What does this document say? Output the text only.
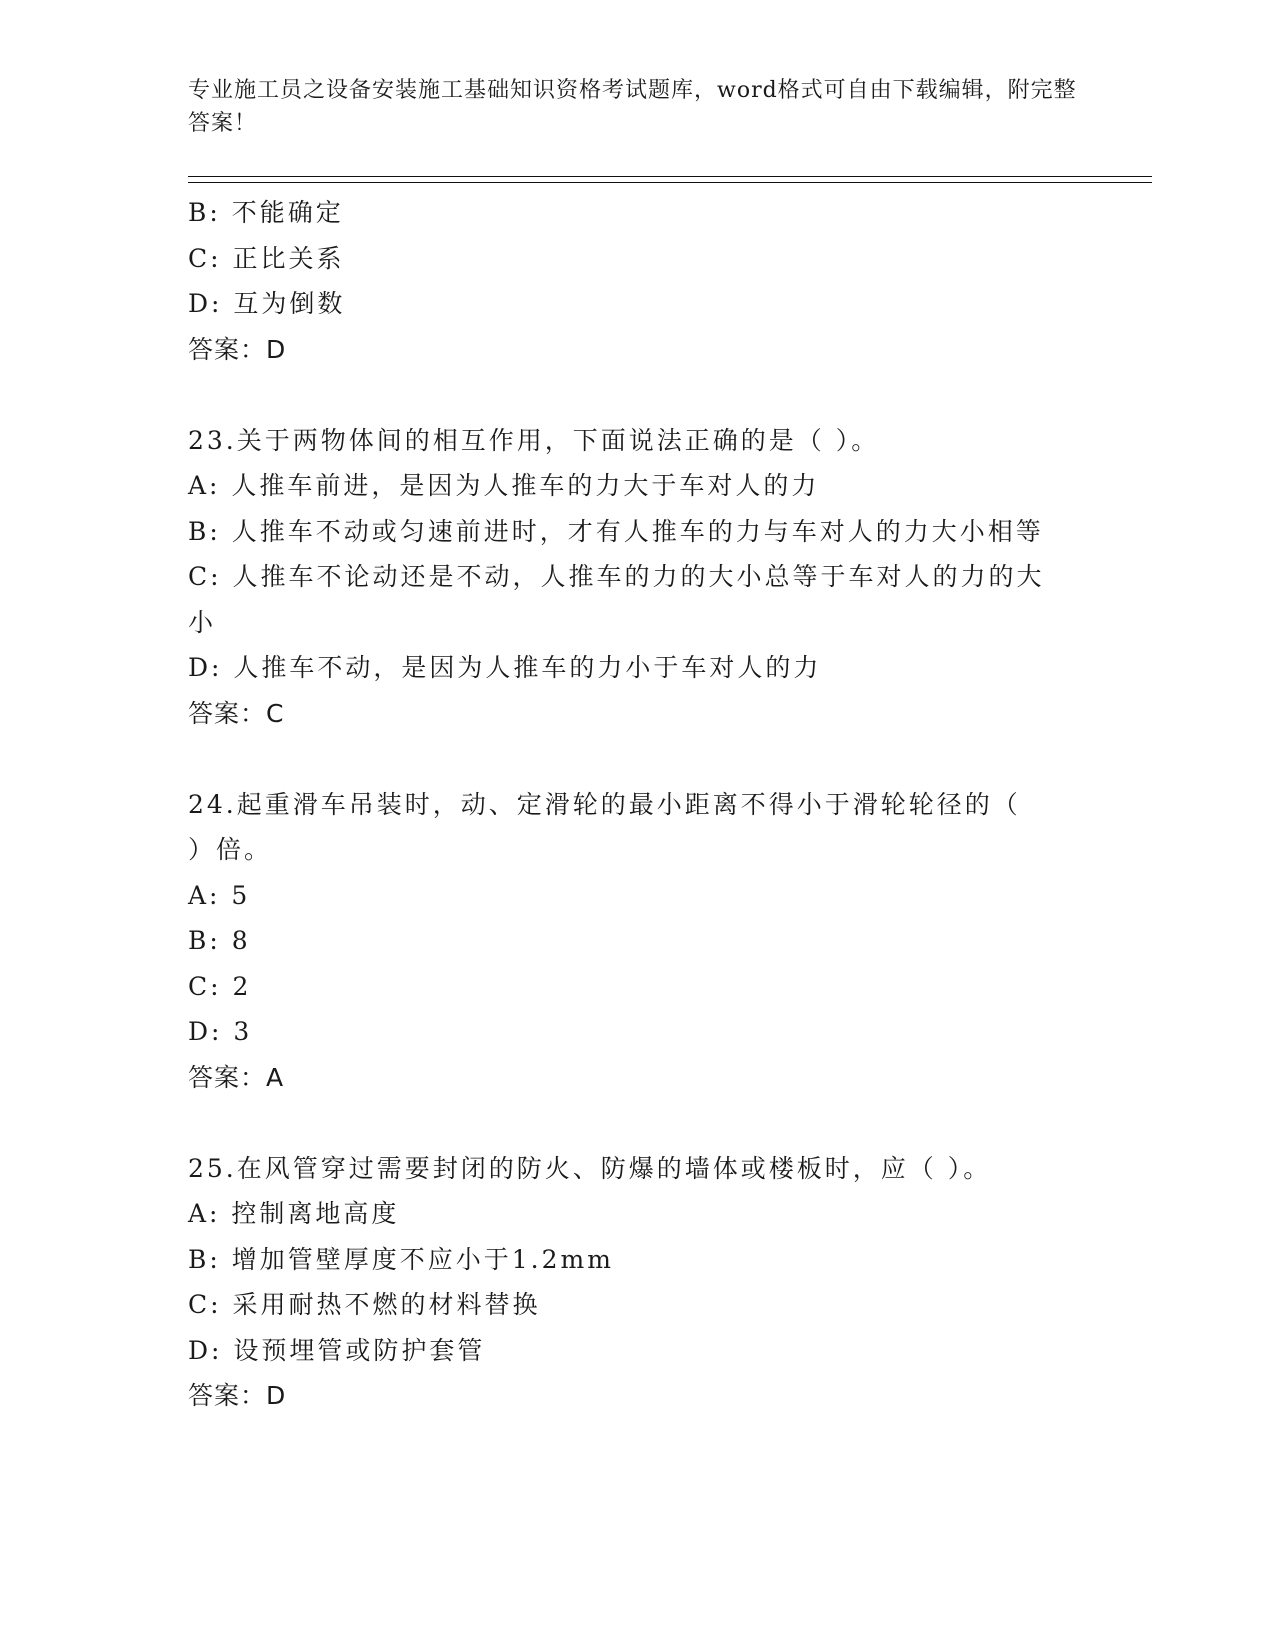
专业施工员之设备安装施工基础知识资格考试题库，word格式可自由下载编辑，附完整答案！
B: 不能确定
C: 正比关系
D: 互为倒数
答案：D
23.关于两物体间的相互作用，下面说法正确的是（ ）。
A: 人推车前进，是因为人推车的力大于车对人的力
B: 人推车不动或匀速前进时，才有人推车的力与车对人的力大小相等
C: 人推车不论动还是不动，人推车的力的大小总等于车对人的力的大小
D: 人推车不动，是因为人推车的力小于车对人的力
答案：C
24.起重滑车吊装时，动、定滑轮的最小距离不得小于滑轮轮径的（ ）倍。
A: 5
B: 8
C: 2
D: 3
答案：A
25.在风管穿过需要封闭的防火、防爆的墙体或楼板时，应（ ）。
A: 控制离地高度
B: 增加管壁厚度不应小于1.2mm
C: 采用耐热不燃的材料替换
D: 设预埋管或防护套管
答案：D
